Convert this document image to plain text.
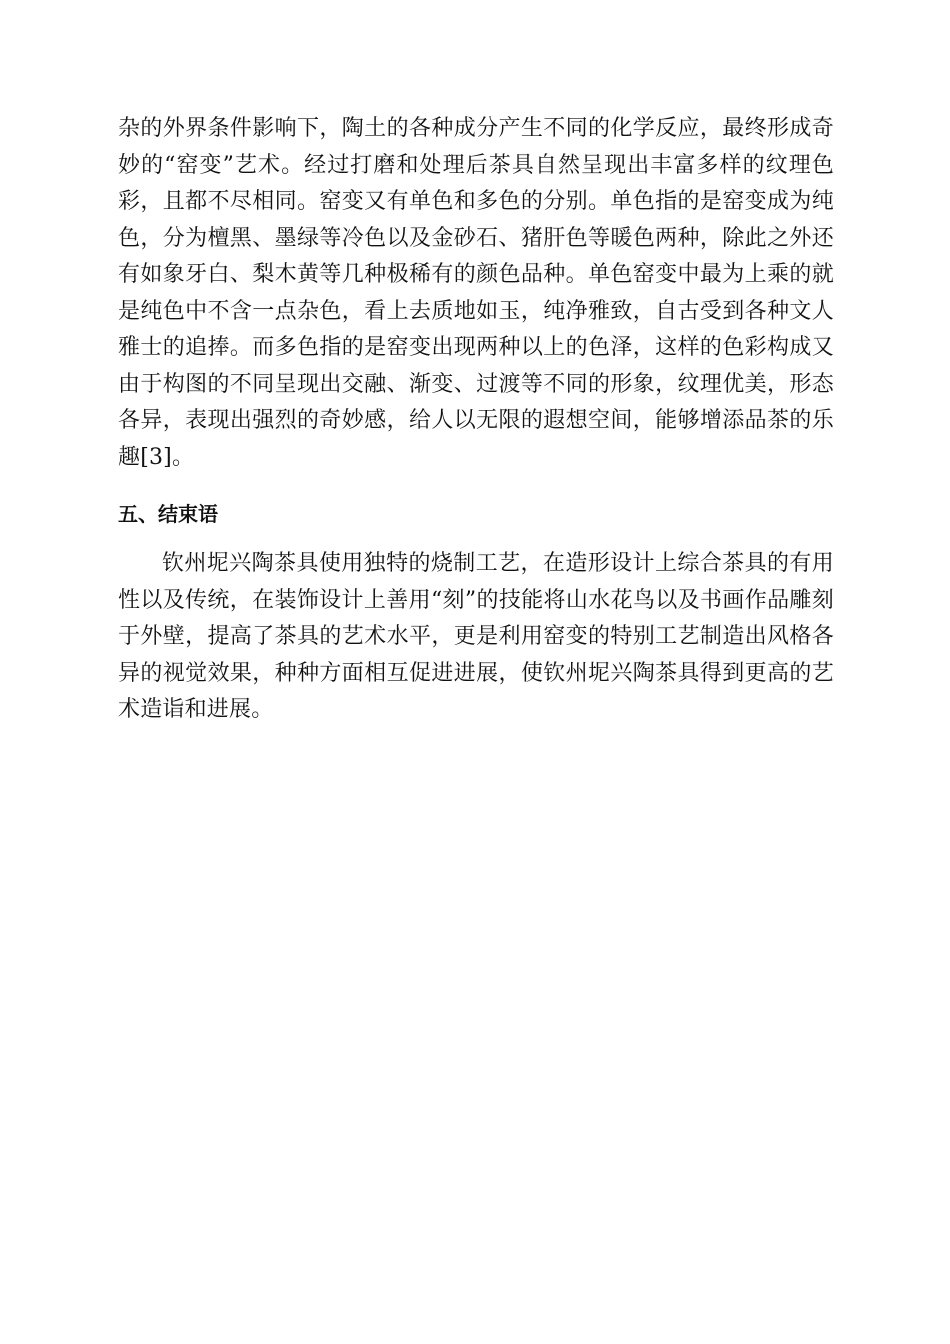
杂的外界条件影响下，陶土的各种成分产生不同的化学反应，最终形成奇妙的“窑变”艺术。经过打磨和处理后茶具自然呈现出丰富多样的纹理色彩，且都不尽相同。窑变又有单色和多色的分别。单色指的是窑变成为纯色，分为檀黑、墨绿等冷色以及金砂石、猪肝色等暖色两种，除此之外还有如象牙白、梨木黄等几种极稀有的颜色品种。单色窑变中最为上乘的就是纯色中不含一点杂色，看上去质地如玉，纯净雅致，自古受到各种文人雅士的追捧。而多色指的是窑变出现两种以上的色泽，这样的色彩构成又由于构图的不同呈现出交融、渐变、过渡等不同的形象，纹理优美，形态各异，表现出强烈的奇妙感，给人以无限的遐想空间，能够增添品茶的乐趣[3]。

五、结束语

钦州坭兴陶茶具使用独特的烧制工艺，在造形设计上综合茶具的有用性以及传统，在装饰设计上善用“刻”的技能将山水花鸟以及书画作品雕刻于外壁，提高了茶具的艺术水平，更是利用窑变的特别工艺制造出风格各异的视觉效果，种种方面相互促进进展，使钦州坭兴陶茶具得到更高的艺术造诣和进展。
